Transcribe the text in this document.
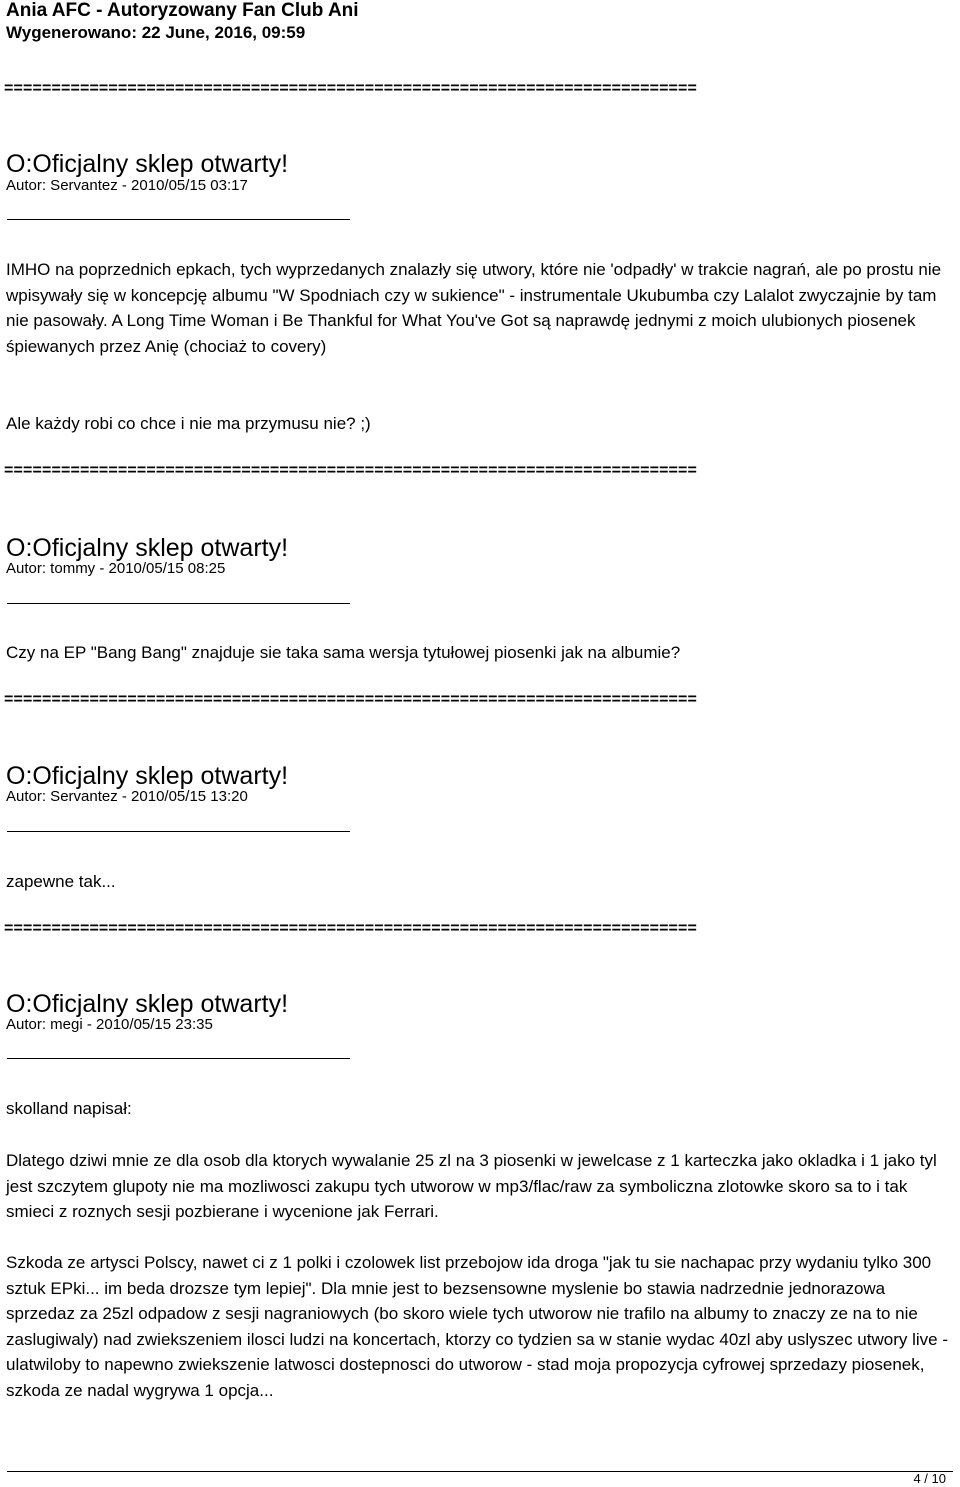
Ania AFC - Autoryzowany Fan Club Ani
Wygenerowano: 22 June, 2016, 09:59
=========================================================================
O:Oficjalny sklep otwarty!
Autor: Servantez - 2010/05/15 03:17
IMHO na poprzednich epkach, tych wyprzedanych znalazły się utwory, które nie 'odpadły' w trakcie nagrań, ale po prostu nie wpisywały się w koncepcję albumu "W Spodniach czy w sukience" - instrumentale Ukubumba czy Lalalot zwyczajnie by tam nie pasowały. A Long Time Woman i Be Thankful for What You've Got są naprawdę jednymi z moich ulubionych piosenek śpiewanych przez Anię (chociaż to covery)
Ale każdy robi co chce i nie ma przymusu nie? ;)
=========================================================================
O:Oficjalny sklep otwarty!
Autor: tommy - 2010/05/15 08:25
Czy na EP "Bang Bang" znajduje sie taka sama wersja tytułowej piosenki jak na albumie?
=========================================================================
O:Oficjalny sklep otwarty!
Autor: Servantez - 2010/05/15 13:20
zapewne tak...
=========================================================================
O:Oficjalny sklep otwarty!
Autor: megi - 2010/05/15 23:35
skolland napisał:
Dlatego dziwi mnie ze dla osob dla ktorych wywalanie 25 zl na 3 piosenki w jewelcase z 1 karteczka jako okladka i 1 jako tyl jest szczytem glupoty nie ma mozliwosci zakupu tych utworow w mp3/flac/raw za symboliczna zlotowke skoro sa to i tak smieci z roznych sesji pozbierane i wycenione jak Ferrari.
Szkoda ze artysci Polscy, nawet ci z 1 polki i czolowek list przebojow ida droga "jak tu sie nachapac przy wydaniu tylko 300 sztuk EPki... im beda drozsze tym lepiej". Dla mnie jest to bezsensowne myslenie bo stawia nadrzednie jednorazowa sprzedaz za 25zl odpadow z sesji nagraniowych (bo skoro wiele tych utworow nie trafilo na albumy to znaczy ze na to nie zaslugiwaly) nad zwiekszeniem ilosci ludzi na koncertach, ktorzy co tydzien sa w stanie wydac 40zl aby uslyszec utwory live - ulatwiloby to napewno zwiekszenie latwosci dostepnosci do utworow - stad moja propozycja cyfrowej sprzedazy piosenek, szkoda ze nadal wygrywa 1 opcja...
4 / 10
